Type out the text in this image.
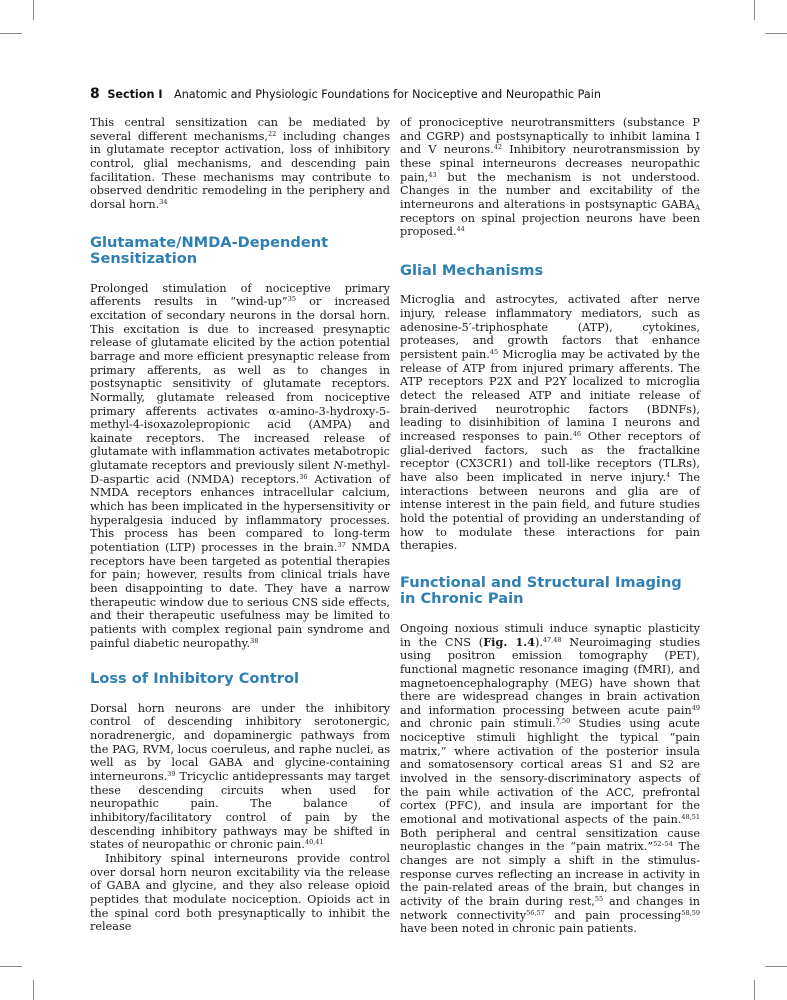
8 Section I Anatomic and Physiologic Foundations for Nociceptive and Neuropathic Pain

This central sensitization can be mediated by several different mechanisms,$^{22}$ including changes in glutamate receptor activation, loss of inhibitory control, glial mechanisms, and descending pain facilitation. These mechanisms may contribute to observed dendritic remodeling in the periphery and dorsal horn.$^{34}$

Glutamate/NMDA-Dependent
Sensitization

Prolonged stimulation of nociceptive primary afferents results in “wind-up”$^{35}$ or increased excitation of secondary neurons in the dorsal horn. This excitation is due to increased presynaptic release of glutamate elicited by the action potential barrage and more efficient presynaptic release from primary afferents, as well as to changes in postsynaptic sensitivity of glutamate receptors. Normally, glutamate released from nociceptive primary afferents activates α-amino-3-hydroxy-5-methyl-4-isoxazolepropionic acid (AMPA) and kainate receptors. The increased release of glutamate with inflammation activates metabotropic glutamate receptors and previously silent N-methyl-D-aspartic acid (NMDA) receptors.$^{36}$ Activation of NMDA receptors enhances intracellular calcium, which has been implicated in the hypersensitivity or hyperalgesia induced by inflammatory processes. This process has been compared to long-term potentiation (LTP) processes in the brain.$^{37}$ NMDA receptors have been targeted as potential therapies for pain; however, results from clinical trials have been disappointing to date. They have a narrow therapeutic window due to serious CNS side effects, and their therapeutic usefulness may be limited to patients with complex regional pain syndrome and painful diabetic neuropathy.$^{38}$

Loss of Inhibitory Control

Dorsal horn neurons are under the inhibitory control of descending inhibitory serotonergic, noradrenergic, and dopaminergic pathways from the PAG, RVM, locus coeruleus, and raphe nuclei, as well as by local GABA and glycine-containing interneurons.$^{39}$ Tricyclic antidepressants may target these descending circuits when used for neuropathic pain. The balance of inhibitory/facilitatory control of pain by the descending inhibitory pathways may be shifted in states of neuropathic or chronic pain.$^{40,41}$

Inhibitory spinal interneurons provide control over dorsal horn neuron excitability via the release of GABA and glycine, and they also release opioid peptides that modulate nociception. Opioids act in the spinal cord both presynaptically to inhibit the release

of pronociceptive neurotransmitters (substance P and CGRP) and postsynaptically to inhibit lamina I and V neurons.$^{42}$ Inhibitory neurotransmission by these spinal interneurons decreases neuropathic pain,$^{43}$ but the mechanism is not understood. Changes in the number and excitability of the interneurons and alterations in postsynaptic $GABA_A$ receptors on spinal projection neurons have been proposed.$^{44}$

Glial Mechanisms

Microglia and astrocytes, activated after nerve injury, release inflammatory mediators, such as adenosine-5′-triphosphate (ATP), cytokines, proteases, and growth factors that enhance persistent pain.$^{45}$ Microglia may be activated by the release of ATP from injured primary afferents. The ATP receptors P2X and P2Y localized to microglia detect the released ATP and initiate release of brain-derived neurotrophic factors (BDNFs), leading to disinhibition of lamina I neurons and increased responses to pain.$^{46}$ Other receptors of glial-derived factors, such as the fractalkine receptor (CX3CR1) and toll-like receptors (TLRs), have also been implicated in nerve injury.$^4$ The interactions between neurons and glia are of intense interest in the pain field, and future studies hold the potential of providing an understanding of how to modulate these interactions for pain therapies.

Functional and Structural Imaging
in Chronic Pain

Ongoing noxious stimuli induce synaptic plasticity in the CNS (Fig. 1.4).$^{47,48}$ Neuroimaging studies using positron emission tomography (PET), functional magnetic resonance imaging (fMRI), and magnetoencephalography (MEG) have shown that there are widespread changes in brain activation and information processing between acute pain$^{49}$ and chronic pain stimuli.$^{7,50}$ Studies using acute nociceptive stimuli highlight the typical “pain matrix,” where activation of the posterior insula and somatosensory cortical areas S1 and S2 are involved in the sensory-discriminatory aspects of the pain while activation of the ACC, prefrontal cortex (PFC), and insula are important for the emotional and motivational aspects of the pain.$^{48,51}$ Both peripheral and central sensitization cause neuroplastic changes in the “pain matrix.”$^{52-54}$ The changes are not simply a shift in the stimulus-response curves reflecting an increase in activity in the pain-related areas of the brain, but changes in activity of the brain during rest,$^{55}$ and changes in network connectivity$^{56,57}$ and pain processing$^{58,59}$ have been noted in chronic pain patients.
